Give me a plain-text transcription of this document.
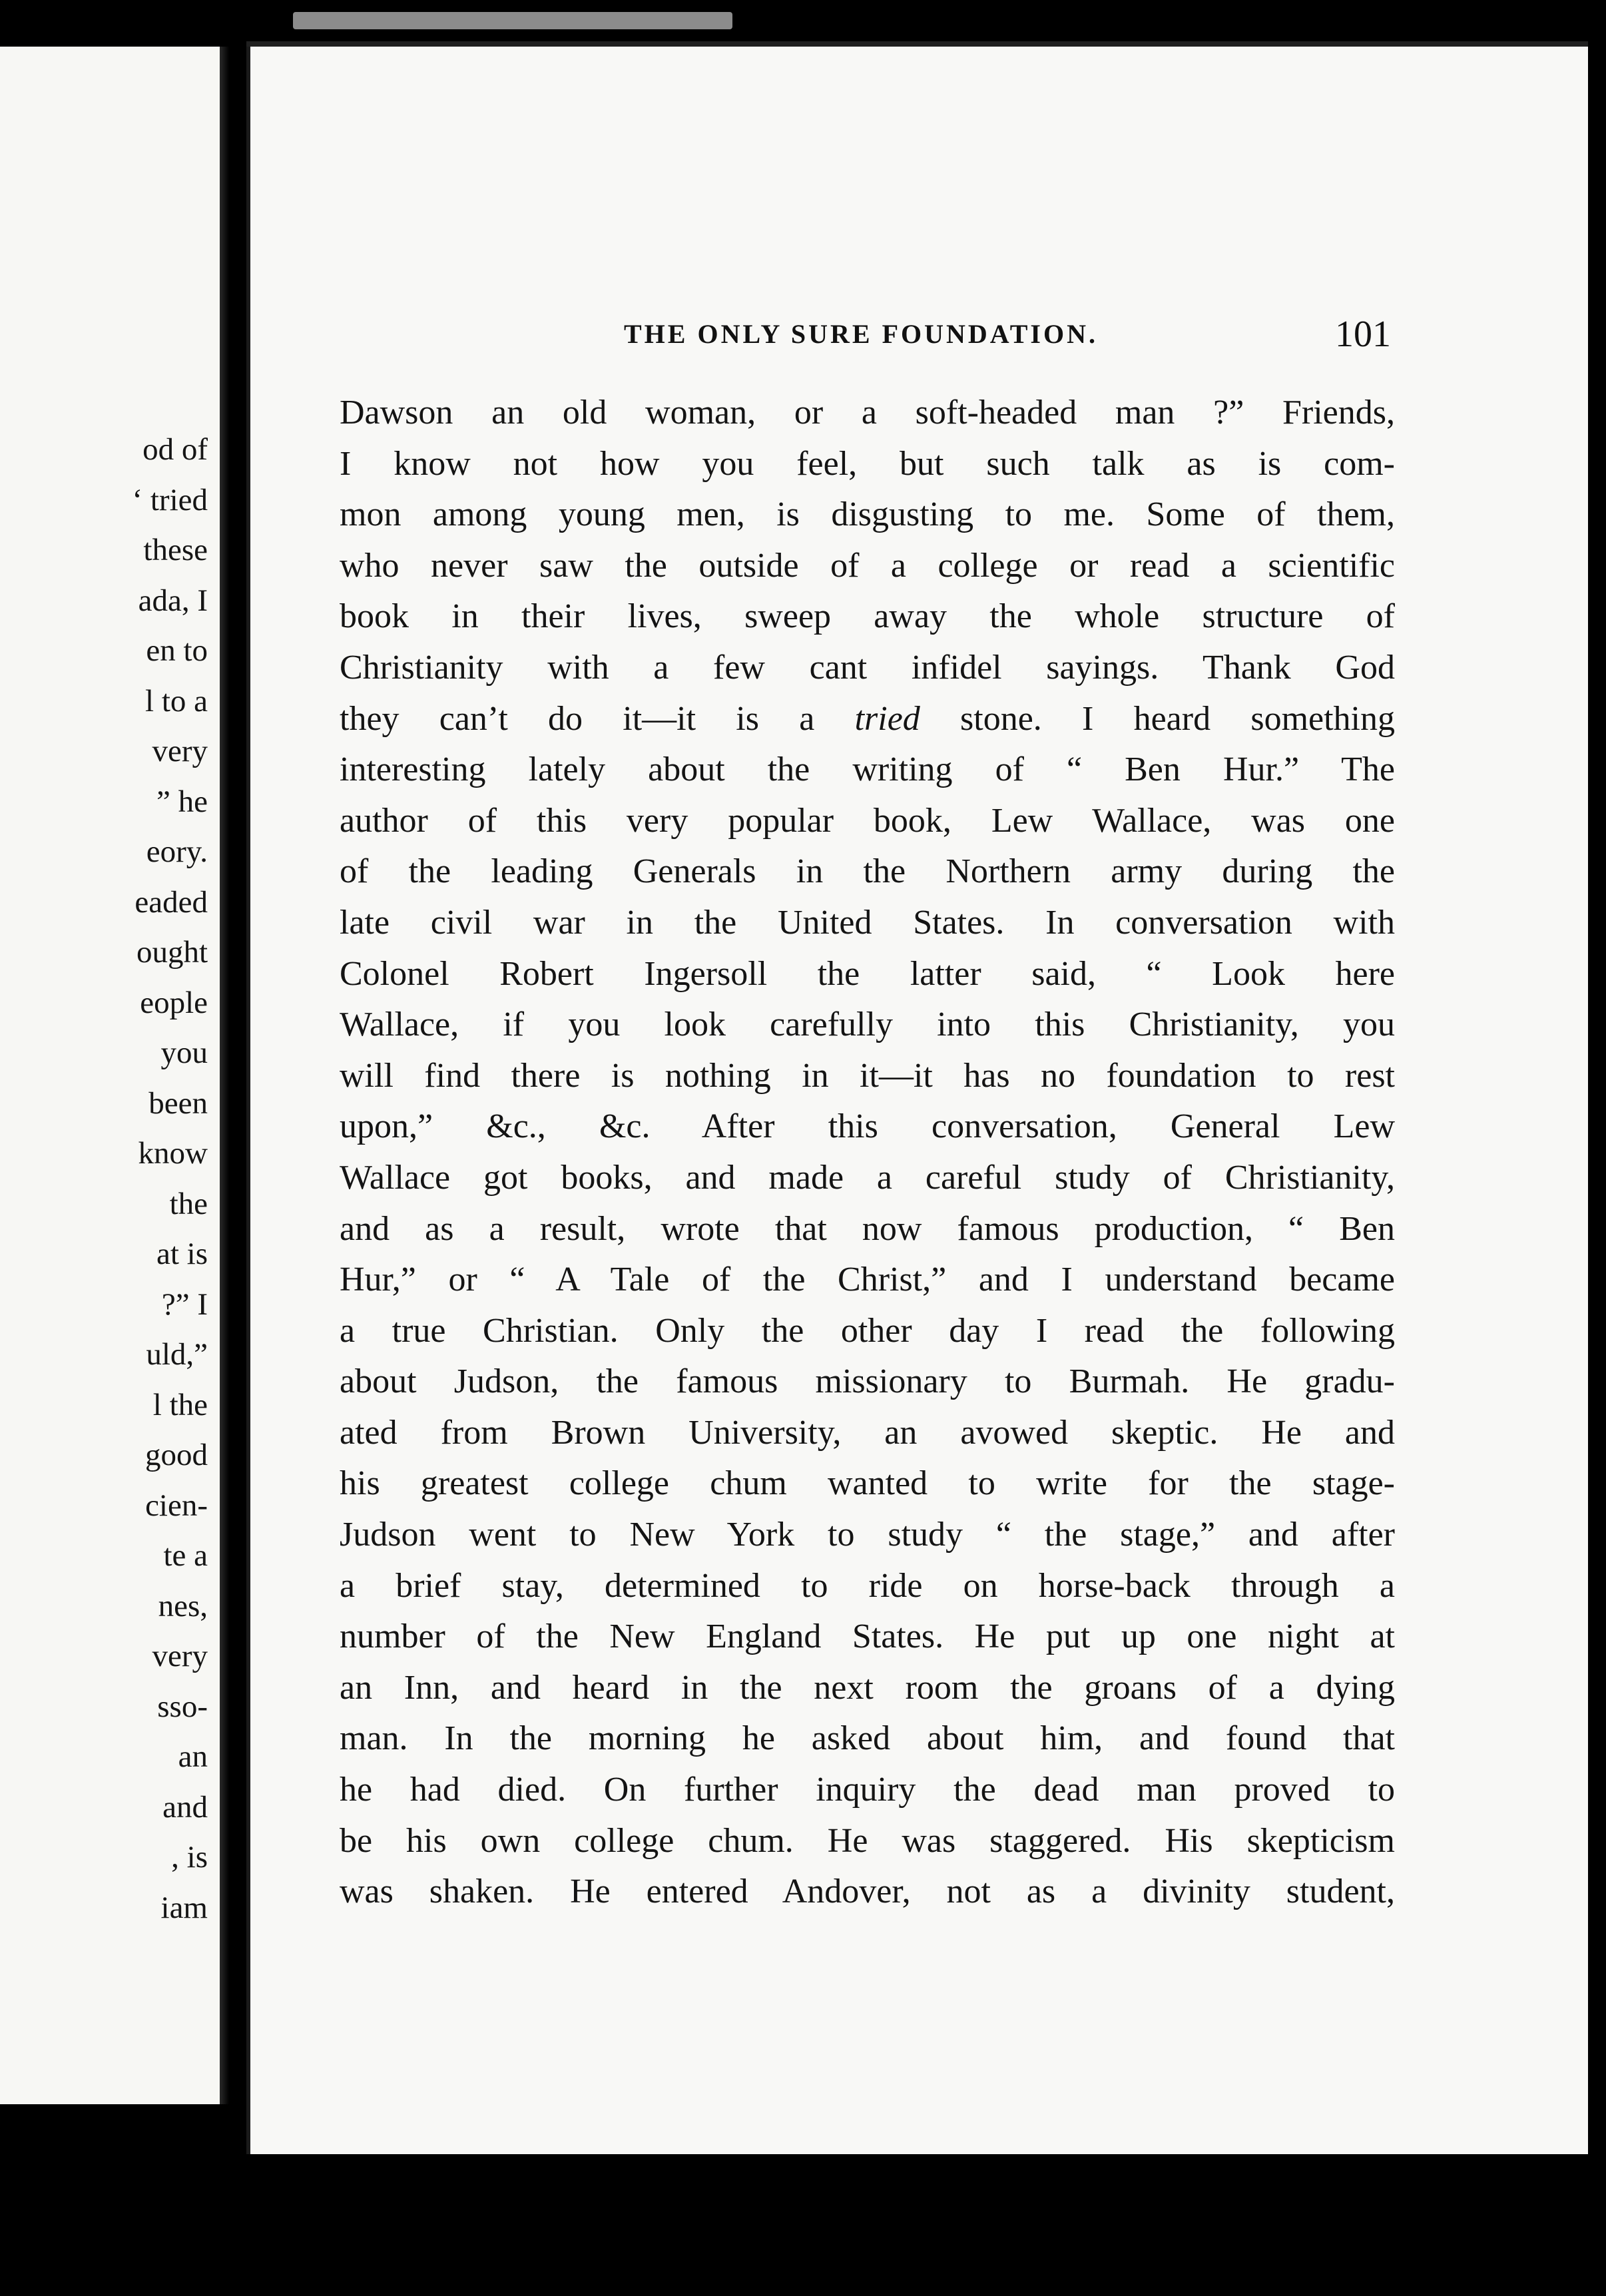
od of
‘ tried
these
ada, I
en to
l to a
very
” he
eory.
eaded
ought
eople
you
been
know
the
at is
?” I
uld,”
l the
good
cien-
te a
nes,
very
sso-
an
and
, is
iam
THE ONLY SURE FOUNDATION.	101
Dawson an old woman, or a soft-headed man ?” Friends,
I know not how you feel, but such talk as is com-
mon among young men, is disgusting to me. Some of them,
who never saw the outside of a college or read a scientific
book in their lives, sweep away the whole structure of
Christianity with a few cant infidel sayings. Thank God
they can’t do it—it is a tried stone. I heard something
interesting lately about the writing of “ Ben Hur.” The
author of this very popular book, Lew Wallace, was one
of the leading Generals in the Northern army during the
late civil war in the United States. In conversation with
Colonel Robert Ingersoll the latter said, “ Look here
Wallace, if you look carefully into this Christianity, you
will find there is nothing in it—it has no foundation to rest
upon,” &c., &c. After this conversation, General Lew
Wallace got books, and made a careful study of Christianity,
and as a result, wrote that now famous production, “ Ben
Hur,” or “ A Tale of the Christ,” and I understand became
a true Christian. Only the other day I read the following
about Judson, the famous missionary to Burmah. He gradu-
ated from Brown University, an avowed skeptic. He and
his greatest college chum wanted to write for the stage-
Judson went to New York to study “ the stage,” and after
a brief stay, determined to ride on horse-back through a
number of the New England States. He put up one night at
an Inn, and heard in the next room the groans of a dying
man. In the morning he asked about him, and found that
he had died. On further inquiry the dead man proved to
be his own college chum. He was staggered. His skepticism
was shaken. He entered Andover, not as a divinity student,
